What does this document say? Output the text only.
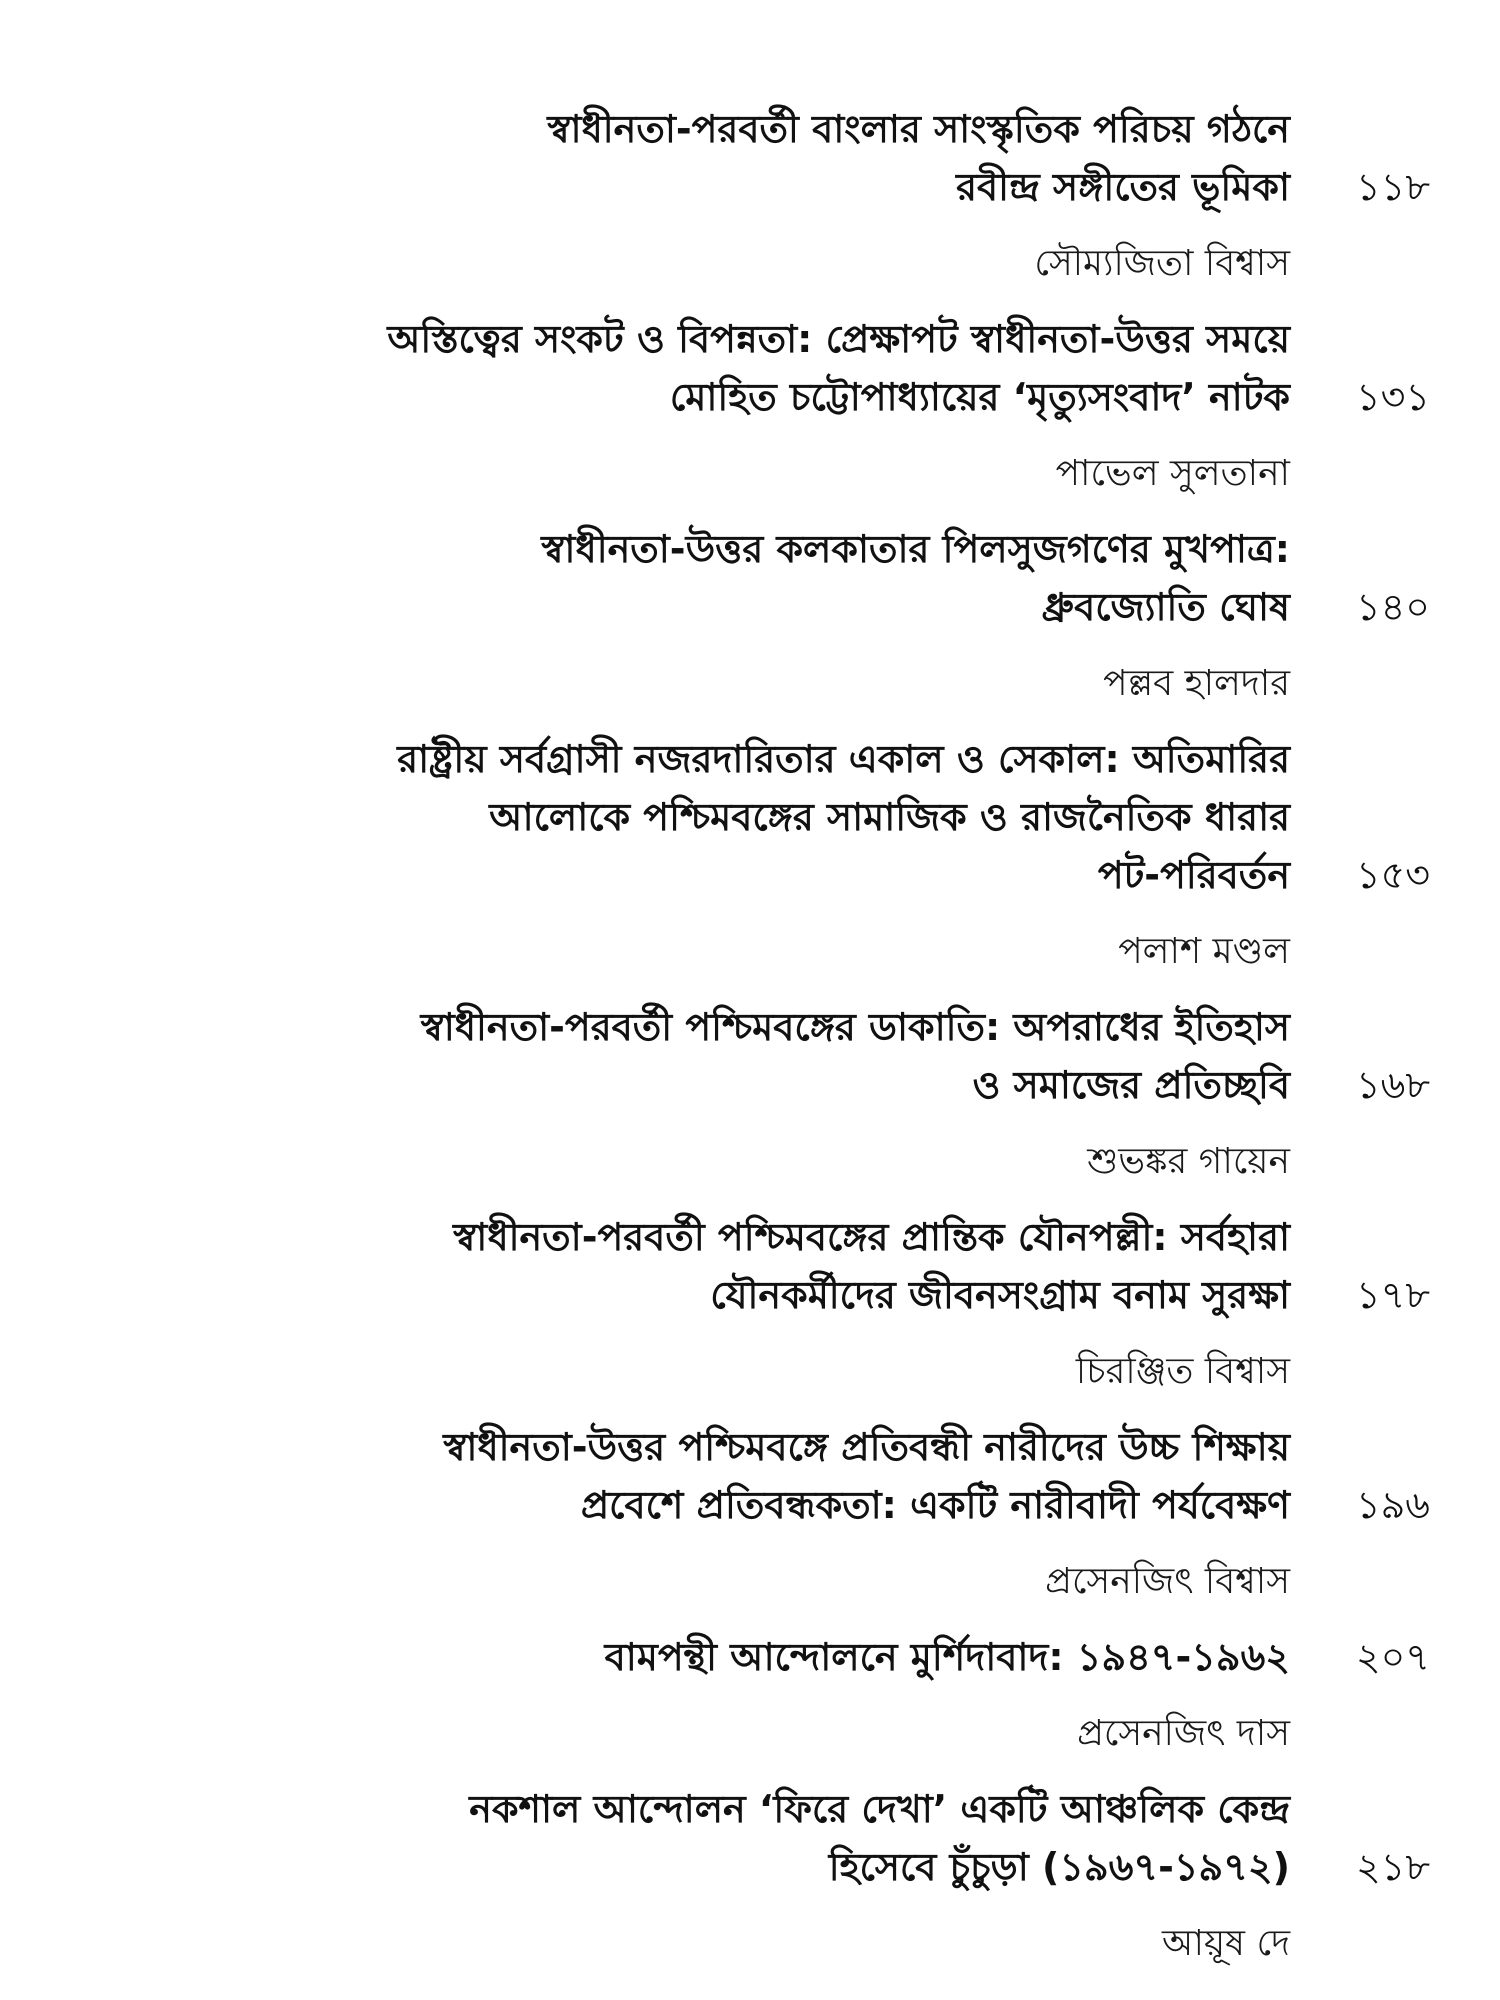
স্বাধীনতা-পরবর্তী বাংলার সাংস্কৃতিক পরিচয় গঠনে
রবীন্দ্র সঙ্গীতের ভূমিকা	১১৮
সৌম্যজিতা বিশ্বাস
অস্তিত্বের সংকট ও বিপন্নতা: প্রেক্ষাপট স্বাধীনতা-উত্তর সময়ে
মোহিত চট্টোপাধ্যায়ের ‘মৃত্যুসংবাদ’ নাটক	১৩১
পাভেল সুলতানা
স্বাধীনতা-উত্তর কলকাতার পিলসুজগণের মুখপাত্র:
ধ্রুবজ্যোতি ঘোষ	১৪০
পল্লব হালদার
রাষ্ট্রীয় সর্বগ্রাসী নজরদারিতার একাল ও সেকাল: অতিমারির
আলোকে পশ্চিমবঙ্গের সামাজিক ও রাজনৈতিক ধারার
পট-পরিবর্তন	১৫৩
পলাশ মণ্ডল
স্বাধীনতা-পরবর্তী পশ্চিমবঙ্গের ডাকাতি: অপরাধের ইতিহাস
ও সমাজের প্রতিচ্ছবি	১৬৮
শুভঙ্কর গায়েন
স্বাধীনতা-পরবর্তী পশ্চিমবঙ্গের প্রান্তিক যৌনপল্লী: সর্বহারা
যৌনকর্মীদের জীবনসংগ্রাম বনাম সুরক্ষা	১৭৮
চিরঞ্জিত বিশ্বাস
স্বাধীনতা-উত্তর পশ্চিমবঙ্গে প্রতিবন্ধী নারীদের উচ্চ শিক্ষায়
প্রবেশে প্রতিবন্ধকতা: একটি নারীবাদী পর্যবেক্ষণ	১৯৬
প্রসেনজিৎ বিশ্বাস
বামপন্থী আন্দোলনে মুর্শিদাবাদ: ১৯৪৭-১৯৬২	২০৭
প্রসেনজিৎ দাস
নকশাল আন্দোলন ‘ফিরে দেখা’ একটি আঞ্চলিক কেন্দ্র
হিসেবে চুঁচুড়া (১৯৬৭-১৯৭২)	২১৮
আয়ূষ দে
